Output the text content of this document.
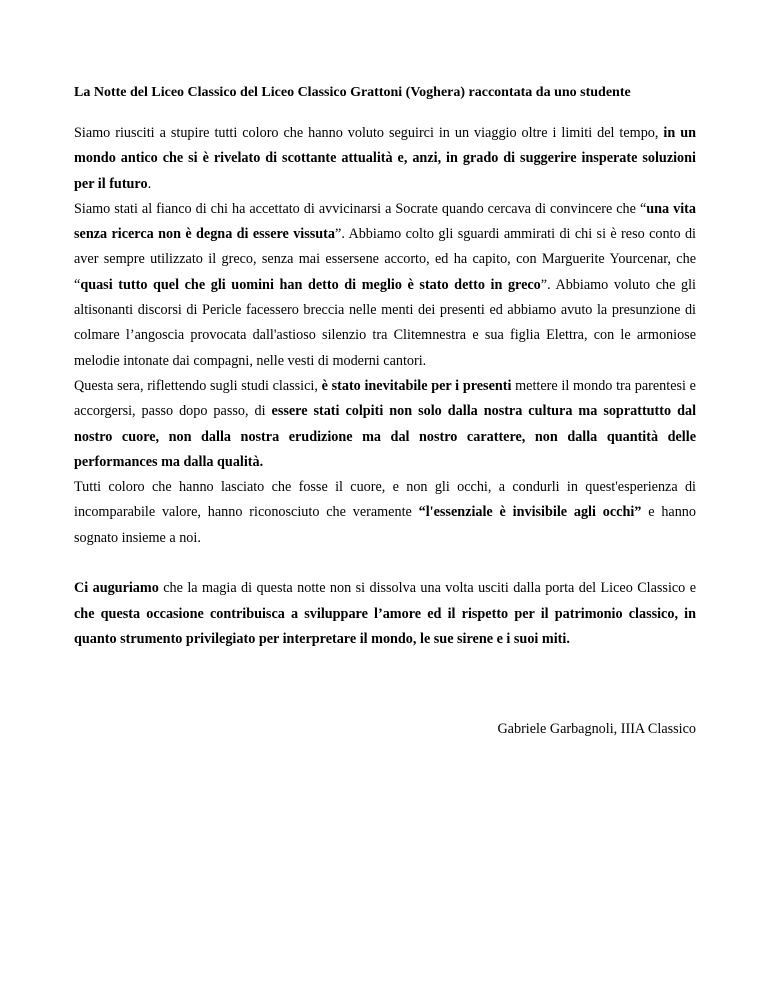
La Notte del Liceo Classico del Liceo Classico Grattoni (Voghera) raccontata da uno studente

Siamo riusciti a stupire tutti coloro che hanno voluto seguirci in un viaggio oltre i limiti del tempo, in un mondo antico che si è rivelato di scottante attualità e, anzi, in grado di suggerire insperate soluzioni per il futuro.

Siamo stati al fianco di chi ha accettato di avvicinarsi a Socrate quando cercava di convincere che “una vita senza ricerca non è degna di essere vissuta”. Abbiamo colto gli sguardi ammirati di chi si è reso conto di aver sempre utilizzato il greco, senza mai essersene accorto, ed ha capito, con Marguerite Yourcenar, che “quasi tutto quel che gli uomini han detto di meglio è stato detto in greco”. Abbiamo voluto che gli altisonanti discorsi di Pericle facessero breccia nelle menti dei presenti ed abbiamo avuto la presunzione di colmare l’angoscia provocata dall'astioso silenzio tra Clitemnestra e sua figlia Elettra, con le armoniose melodie intonate dai compagni, nelle vesti di moderni cantori.

Questa sera, riflettendo sugli studi classici, è stato inevitabile per i presenti mettere il mondo tra parentesi e accorgersi, passo dopo passo, di essere stati colpiti non solo dalla nostra cultura ma soprattutto dal nostro cuore, non dalla nostra erudizione ma dal nostro carattere, non dalla quantità delle performances ma dalla qualità.

Tutti coloro che hanno lasciato che fosse il cuore, e non gli occhi, a condurli in quest'esperienza di incomparabile valore, hanno riconosciuto che veramente “l'essenziale è invisibile agli occhi” e hanno sognato insieme a noi.

Ci auguriamo che la magia di questa notte non si dissolva una volta usciti dalla porta del Liceo Classico e che questa occasione contribuisca a sviluppare l’amore ed il rispetto per il patrimonio classico, in quanto strumento privilegiato per interpretare il mondo, le sue sirene e i suoi miti.

Gabriele Garbagnoli, IIIA Classico
